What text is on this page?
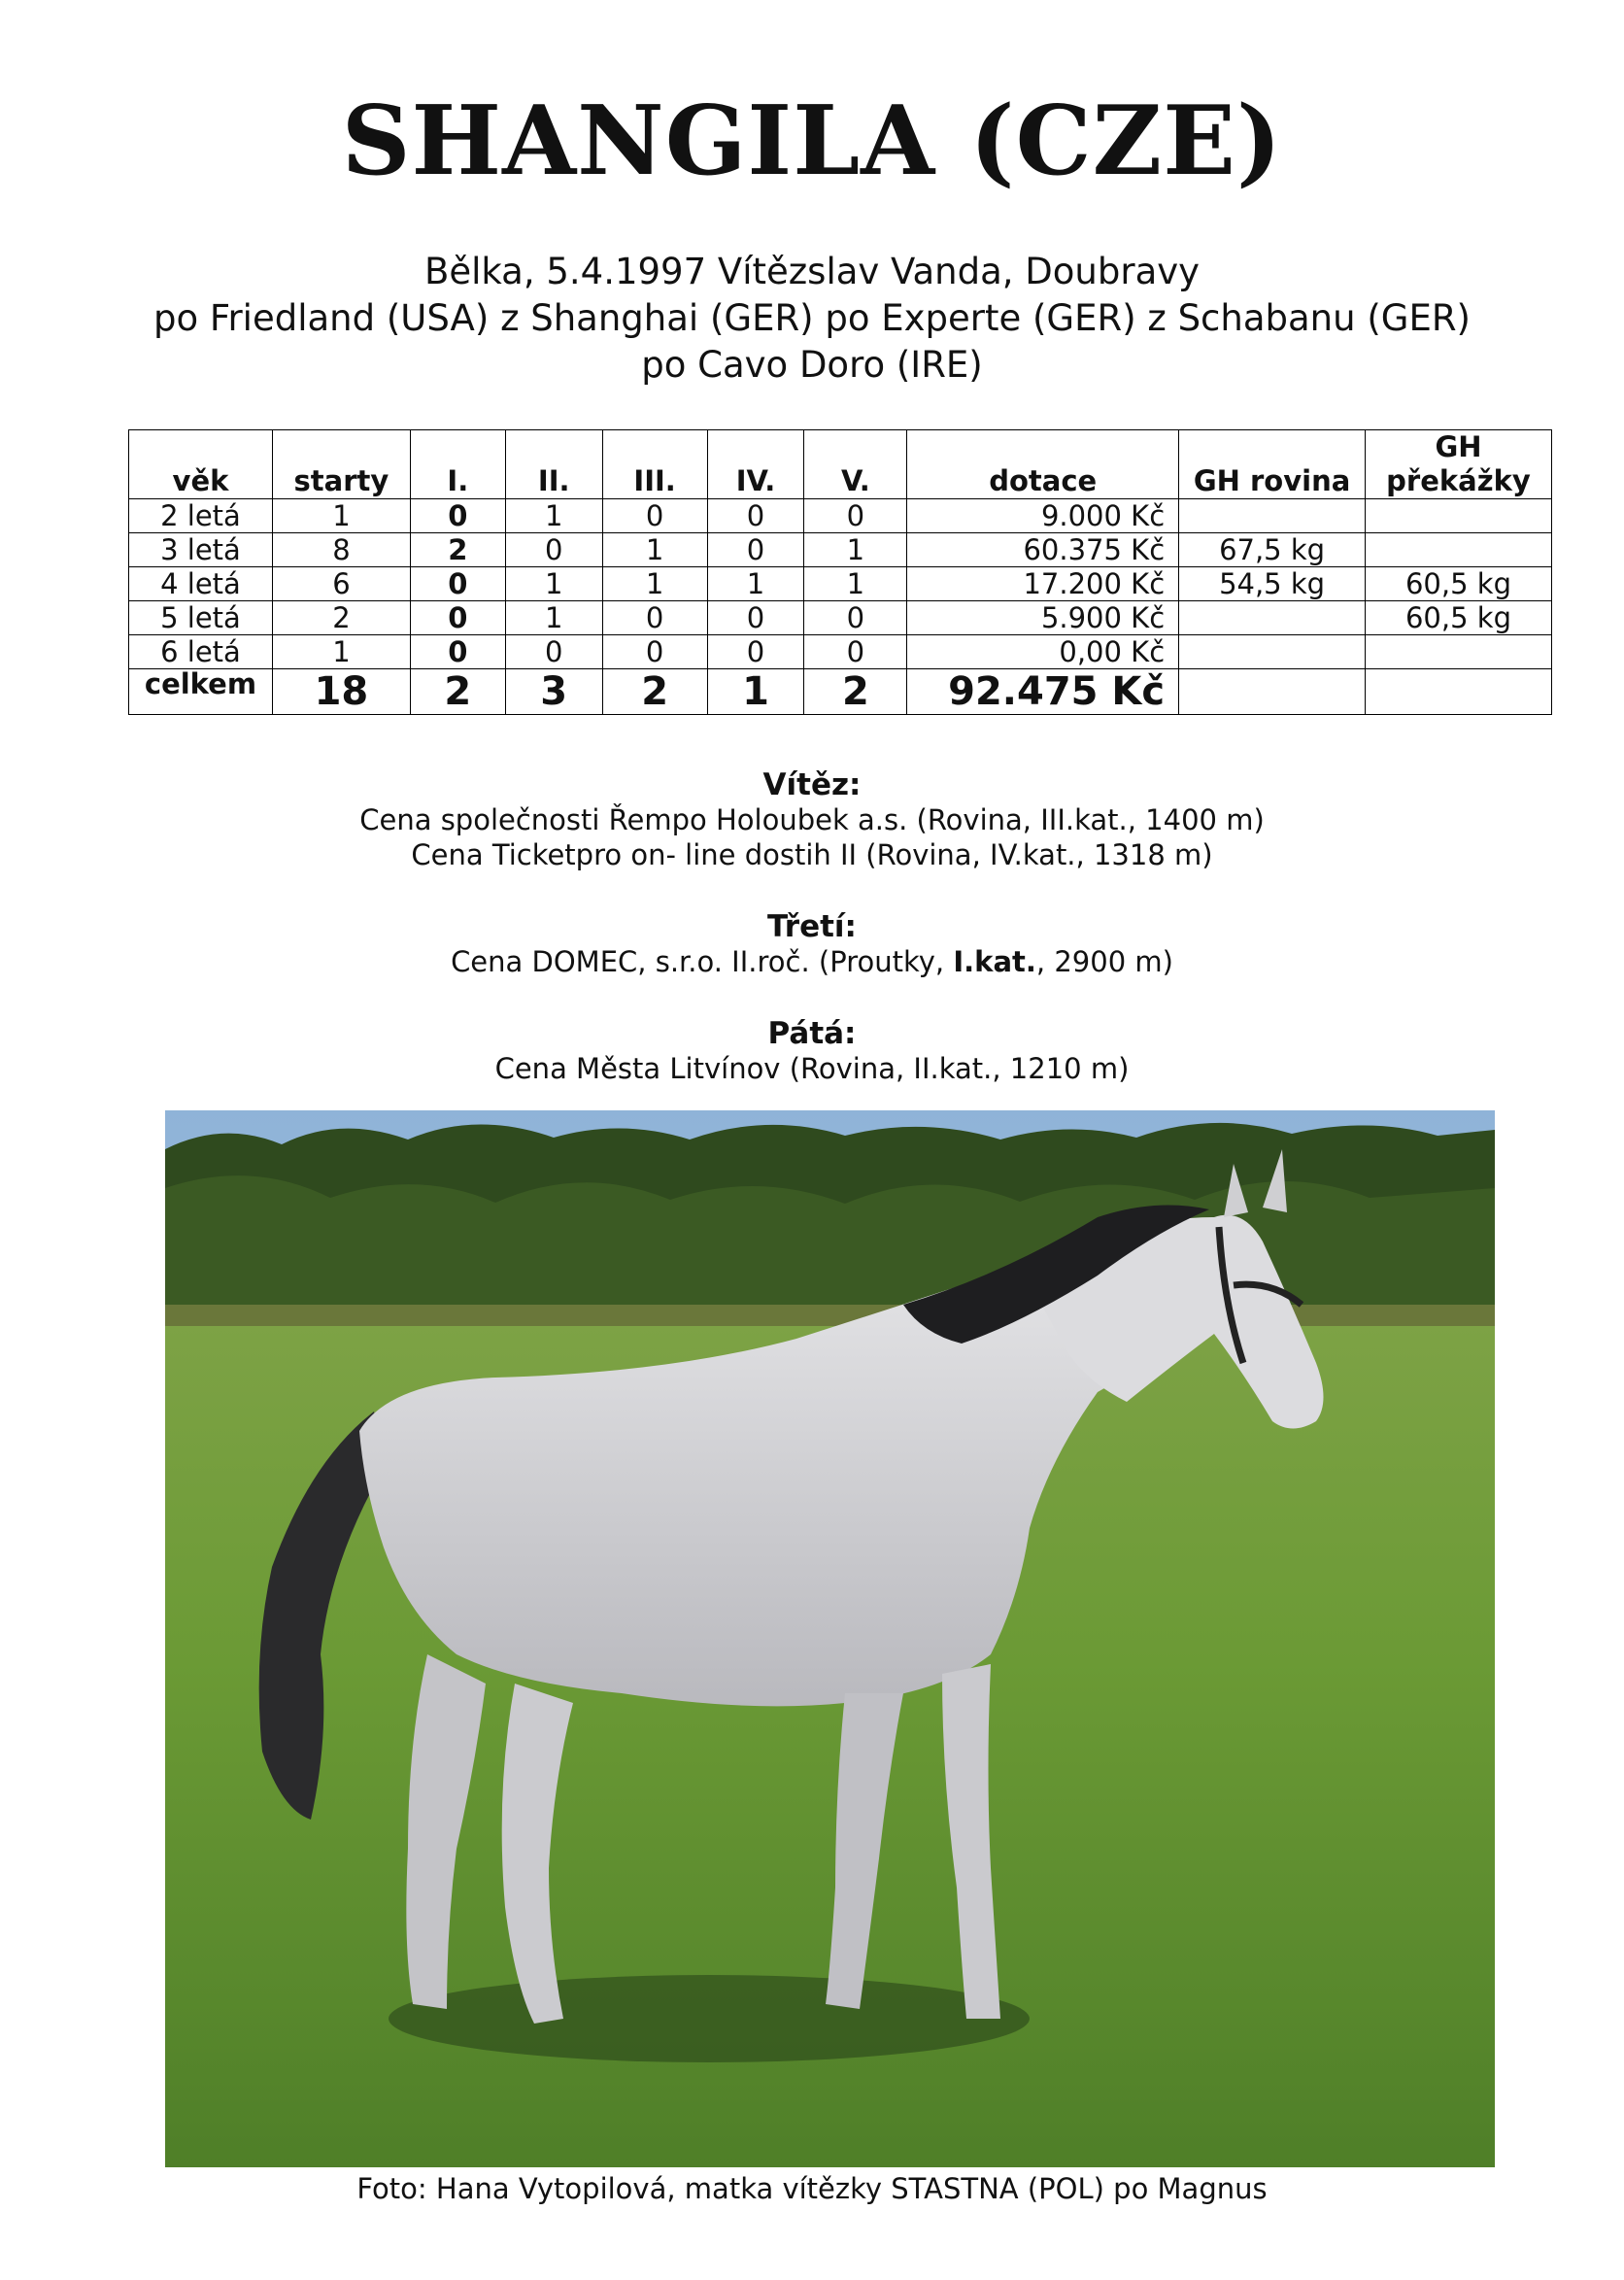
SHANGILA (CZE)
Bělka, 5.4.1997 Vítězslav Vanda, Doubravy
po Friedland (USA) z Shanghai (GER) po Experte (GER) z Schabanu (GER)
po Cavo Doro (IRE)
věk	starty	I.	II.	III.	IV.	V.	dotace	GH rovina	GH překážky
2 letá	1	0	1	0	0	0	9.000 Kč		
3 letá	8	2	0	1	0	1	60.375 Kč	67,5 kg	
4 letá	6	0	1	1	1	1	17.200 Kč	54,5 kg	60,5 kg
5 letá	2	0	1	0	0	0	5.900 Kč		60,5 kg
6 letá	1	0	0	0	0	0	0,00 Kč		
celkem	18	2	3	2	1	2	92.475 Kč		
Vítěz:
Cena společnosti Řempo Holoubek a.s. (Rovina, III.kat., 1400 m)
Cena Ticketpro on- line dostih II (Rovina, IV.kat., 1318 m)
Třetí:
Cena DOMEC, s.r.o. II.roč. (Proutky, I.kat., 2900 m)
Pátá:
Cena Města Litvínov (Rovina, II.kat., 1210 m)
Foto: Hana Vytopilová, matka vítězky STASTNA (POL) po Magnus
